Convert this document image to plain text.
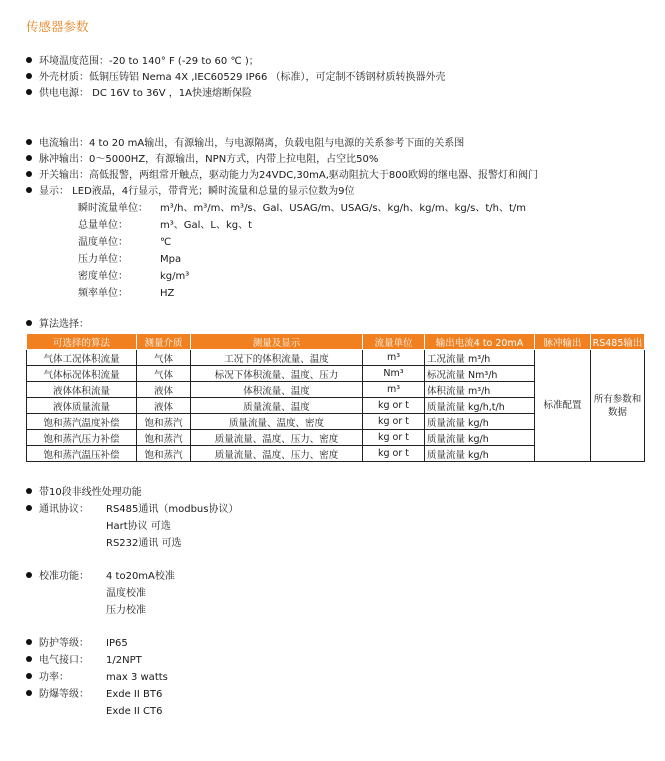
传感器参数
环境温度范围：-20 to 140° F (-29 to 60 ℃ )；
外壳材质：低铜压铸铝 Nema 4X ,IEC60529 IP66 （标准），可定制不锈钢材质转换器外壳
供电电源： DC 16V to 36V ，1A快速熔断保险
电流输出：4 to 20 mA输出，有源输出，与电源隔离，负载电阻与电源的关系参考下面的关系图
脉冲输出：0～5000HZ，有源输出，NPN方式，内带上拉电阻，占空比50%
开关输出：高低报警，两组常开触点，驱动能力为24VDC,30mA,驱动阻抗大于800欧姆的继电器、报警灯和阀门
显示： LED液晶，4行显示，带背光；瞬时流量和总量的显示位数为9位
瞬时流量单位： m³/h、m³/m、m³/s、Gal、USAG/m、USAG/s、kg/h、kg/m、kg/s、t/h、t/m
总量单位：	m³、Gal、L、kg、t
温度单位：	℃
压力单位：	Mpa
密度单位：	kg/m³
频率单位：	HZ
算法选择：
可选择的算法	测量介质	测量及显示	流量单位	输出电流4 to 20mA	脉冲输出	RS485输出
气体工况体积流量	气体	工况下的体积流量、温度	m³	工况流量 m³/h	标准配置	所有参数和数据
气体标况体积流量	气体	标况下体积流量、温度、压力	Nm³	标况流量 Nm³/h		
液体体积流量	液体	体积流量、温度	m³	体积流量 m³/h		
液体质量流量	液体	质量流量、温度	kg or t	质量流量 kg/h,t/h		
饱和蒸汽温度补偿	饱和蒸汽	质量流量、温度、密度	kg or t	质量流量 kg/h		
饱和蒸汽压力补偿	饱和蒸汽	质量流量、温度、压力、密度	kg or t	质量流量 kg/h		
饱和蒸汽温压补偿	饱和蒸汽	质量流量、温度、压力、密度	kg or t	质量流量 kg/h		
带10段非线性处理功能
通讯协议： RS485通讯（modbus协议）
Hart协议 可选
RS232通讯 可选
校准功能： 4 to20mA校准
温度校准
压力校准
防护等级： IP65
电气接口： 1/2NPT
功率：	max 3 watts
防爆等级： Exde II BT6
Exde II CT6
